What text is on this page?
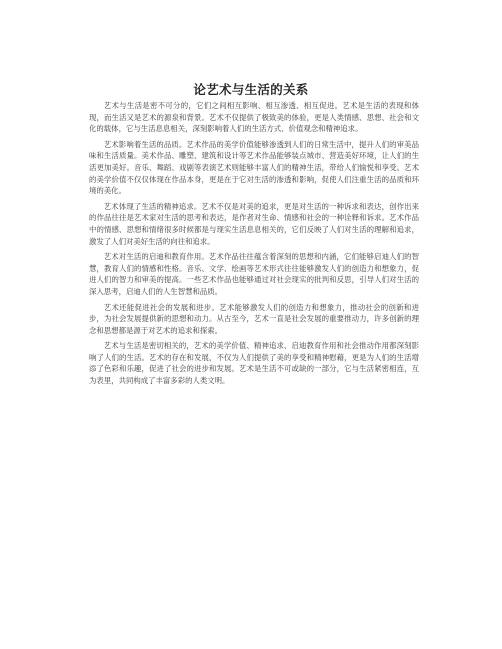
论艺术与生活的关系

艺术与生活是密不可分的，它们之间相互影响、相互渗透、相互促进。艺术是生活的表现和体现，而生活又是艺术的源泉和背景。艺术不仅提供了极致美的体验，更是人类情感、思想、社会和文化的载体，它与生活息息相关，深刻影响着人们的生活方式、价值观念和精神追求。

艺术影响着生活的品质。艺术作品的美学价值能够渗透到人们的日常生活中，提升人们的审美品味和生活质量。美术作品、雕塑、建筑和设计等艺术作品能够装点城市、营造美好环境，让人们的生活更加美好。音乐、舞蹈、戏剧等表演艺术则能够丰富人们的精神生活，带给人们愉悦和享受。艺术的美学价值不仅仅体现在作品本身，更是在于它对生活的渗透和影响，促使人们注重生活的品质和环境的美化。

艺术体现了生活的精神追求。艺术不仅是对美的追求，更是对生活的一种诉求和表达，创作出来的作品往往是艺术家对生活的思考和表达，是作者对生命、情感和社会的一种诠释和诉求。艺术作品中的情感、思想和情绪很多时候都是与现实生活息息相关的，它们反映了人们对生活的理解和追求，激发了人们对美好生活的向往和追求。

艺术对生活的启迪和教育作用。艺术作品往往蕴含着深刻的思想和内涵，它们能够启迪人们的智慧，教育人们的情感和性格。音乐、文学、绘画等艺术形式往往能够激发人们的创造力和想象力，促进人们的智力和审美的提高。一些艺术作品也能够通过对社会现实的批判和反思，引导人们对生活的深入思考，启迪人们的人生智慧和品质。

艺术还能促进社会的发展和进步。艺术能够激发人们的创造力和想象力，推动社会的创新和进步，为社会发展提供新的思想和动力。从古至今，艺术一直是社会发展的重要推动力，许多创新的理念和思想都是源于对艺术的追求和探索。

艺术与生活是密切相关的，艺术的美学价值、精神追求、启迪教育作用和社会推动作用都深刻影响了人们的生活。艺术的存在和发展，不仅为人们提供了美的享受和精神慰藉，更是为人们的生活增添了色彩和乐趣，促进了社会的进步和发展。艺术是生活不可或缺的一部分，它与生活紧密相连，互为表里，共同构成了丰富多彩的人类文明。
